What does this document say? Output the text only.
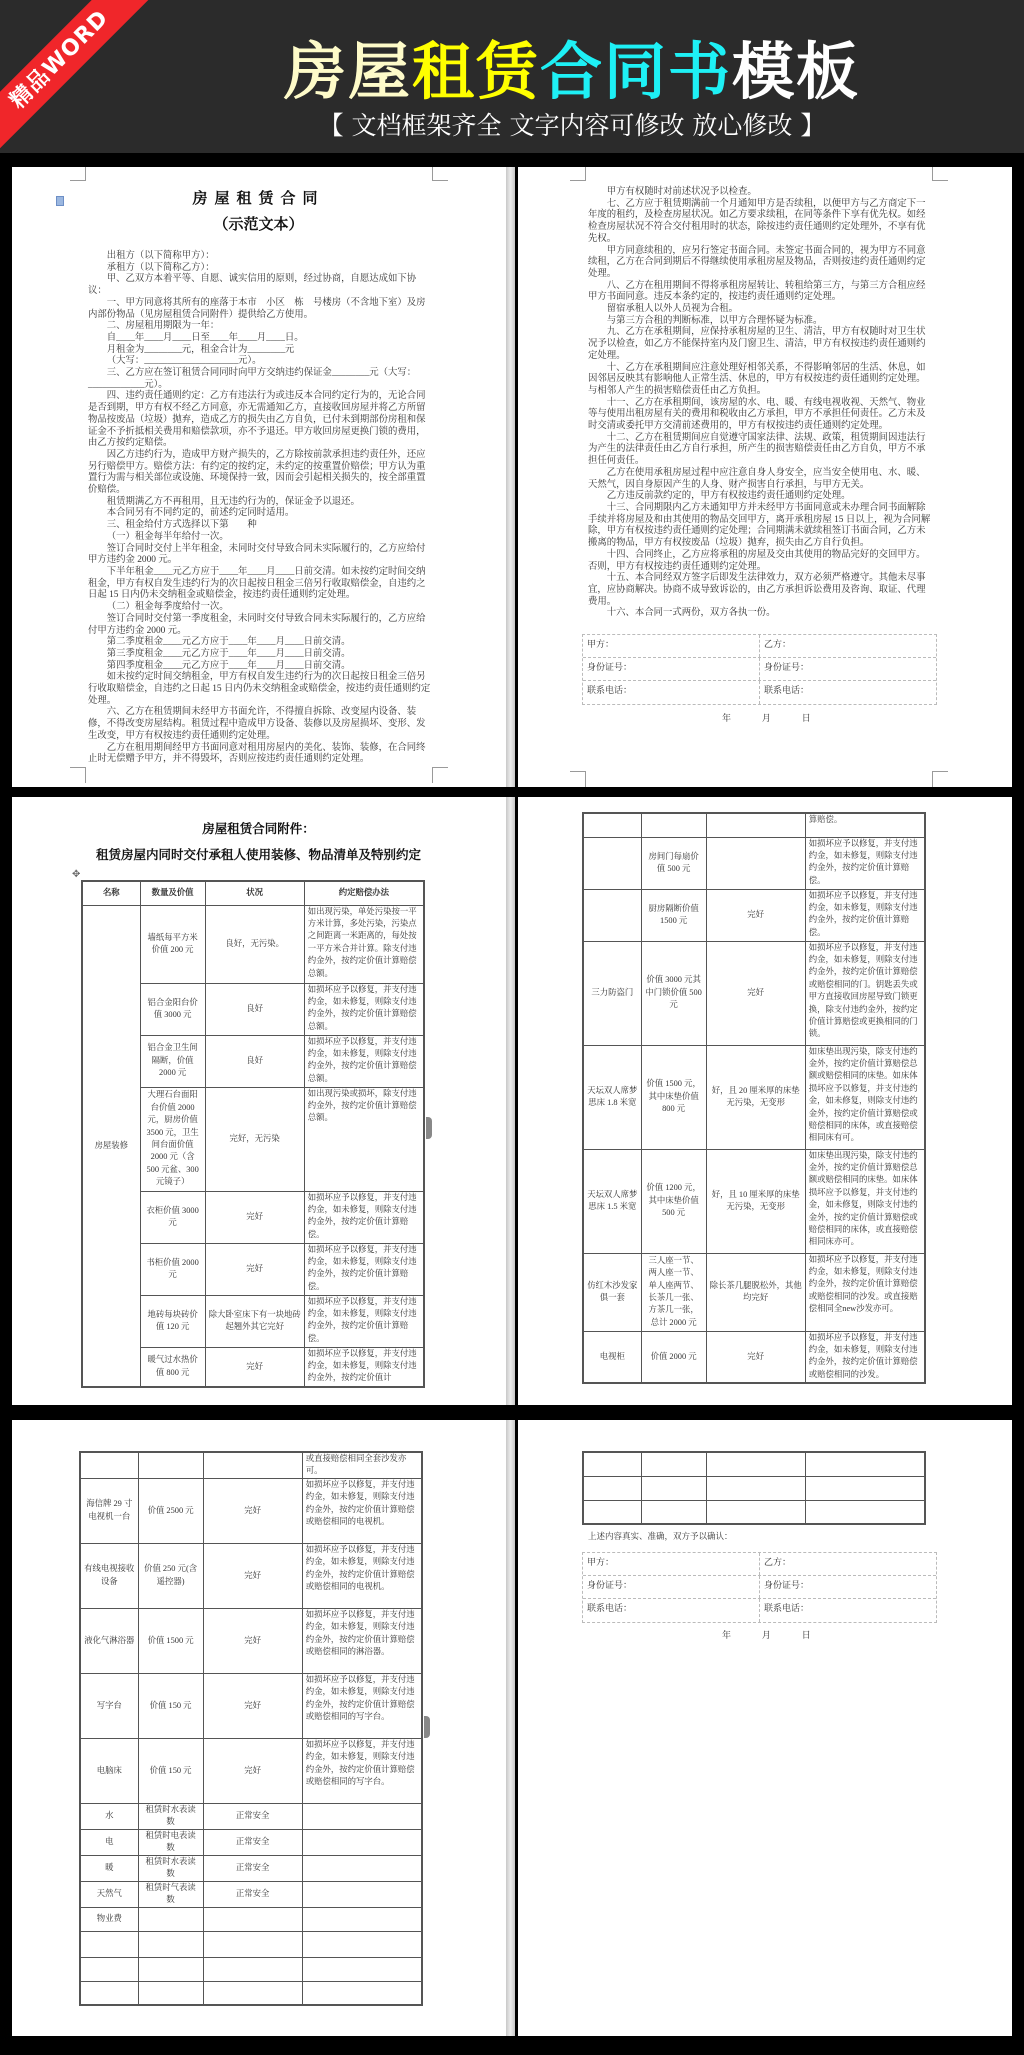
精品WORD	房屋租赁合同书模板
【 文档框架齐全 文字内容可修改 放心修改 】
房屋租赁合同
（示范文本）

出租方（以下简称甲方）：

承租方（以下简称乙方）：

甲、乙双方本着平等、自愿、诚实信用的原则，经过协商，自愿达成如下协议：

一、甲方同意将其所有的座落于本市　小区　栋　号楼房（不含地下室）及房内部份物品（见房屋租赁合同附件）提供给乙方使用。

二、房屋租用期限为一年：

自____年____月____日至____年____月____日。

月租金为________元，租金合计为________元

（大写：____________________元）。

三、乙方应在签订租赁合同同时向甲方交纳违约保证金________元（大写：____________元）。

四、违约责任通则约定：乙方有违法行为或违反本合同约定行为的，无论合同是否到期，甲方有权不经乙方同意，亦无需通知乙方，直接收回房屋并将乙方所留物品按废品（垃圾）抛弃，造成乙方的损失由乙方自负，已付未到期部份房租和保证金不予折抵相关费用和赔偿款项，亦不予退还。甲方收回房屋更换门锁的费用，由乙方按约定赔偿。

因乙方违约行为，造成甲方财产损失的，乙方除按前款承担违约责任外，还应另行赔偿甲方。赔偿方法：有约定的按约定，未约定的按重置价赔偿；甲方认为重置行为需与相关部位或设施、环境保持一致，因而会引起相关损失的，按全部重置价赔偿。

租赁期满乙方不再租用，且无违约行为的，保证金予以退还。

本合同另有不同约定的，前述约定同时适用。

三、租金给付方式选择以下第　　种

（一）租金每半年给付一次。

签订合同时交付上半年租金，未同时交付导致合同未实际履行的，乙方应给付甲方违约金 2000 元。

下半年租金____元乙方应于____年____月____日前交清。如未按约定时间交纳租金，甲方有权自发生违约行为的次日起按日租金三倍另行收取赔偿金，自违约之日起 15 日内仍未交纳租金或赔偿金，按违约责任通则约定处理。

（二）租金每季度给付一次。

签订合同时交付第一季度租金，未同时交付导致合同未实际履行的，乙方应给付甲方违约金 2000 元。

第二季度租金____元乙方应于____年____月____日前交清。

第三季度租金____元乙方应于____年____月____日前交清。

第四季度租金____元乙方应于____年____月____日前交清。

如未按约定时间交纳租金，甲方有权自发生违约行为的次日起按日租金三倍另行收取赔偿金，自违约之日起 15 日内仍未交纳租金或赔偿金，按违约责任通则约定处理。

六、乙方在租赁期间未经甲方书面允许，不得擅自拆除、改变屋内设备、装修，不得改变房屋结构。租赁过程中造成甲方设备、装修以及房屋损坏、变形、发生改变，甲方有权按违约责任通则约定处理。

乙方在租用期间经甲方书面同意对租用房屋内的美化、装饰、装修，在合同终止时无偿赠予甲方，并不得毁坏，否则应按违约责任通则约定处理。

甲方有权随时对前述状况予以检查。

七、乙方应于租赁期满前一个月通知甲方是否续租，以便甲方与乙方商定下一年度的租约，及检查房屋状况。如乙方要求续租，在同等条件下享有优先权。如经检查房屋状况不符合交付租用时的状态，除按违约责任通则约定处理外，不享有优先权。

甲方同意续租的，应另行签定书面合同。未签定书面合同的，视为甲方不同意续租，乙方在合同到期后不得继续使用承租房屋及物品，否则按违约责任通则约定处理。

八、乙方在租用期间不得将承租房屋转让、转租给第三方，与第三方合租应经甲方书面同意。违反本条约定的，按违约责任通则约定处理。

留宿承租人以外人员视为合租。

与第三方合租的判断标准，以甲方合理怀疑为标准。

九、乙方在承租期间，应保持承租房屋的卫生、清洁，甲方有权随时对卫生状况予以检查，如乙方不能保持室内及门窗卫生、清洁，甲方有权按违约责任通则约定处理。

十、乙方在承租期间应注意处理好相邻关系，不得影响邻居的生活、休息，如因邻居反映其有影响他人正常生活、休息的，甲方有权按违约责任通则约定处理。与相邻人产生的损害赔偿责任由乙方负担。

十一、乙方在承租期间，该房屋的水、电、暖、有线电视收视、天然气、物业等与使用出租房屋有关的费用和税收由乙方承担，甲方不承担任何责任。乙方未及时交清或委托甲方交清前述费用的，甲方有权按违约责任通则约定处理。

十二、乙方在租赁期间应自觉遵守国家法律、法规、政策，租赁期间因违法行为产生的法律责任由乙方自行承担，所产生的损害赔偿责任由乙方自负，甲方不承担任何责任。

乙方在使用承租房屋过程中应注意自身人身安全，应当安全使用电、水、暖、天然气，因自身原因产生的人身、财产损害自行承担，与甲方无关。

乙方违反前款约定的，甲方有权按违约责任通则约定处理。

十三、合同期限内乙方未通知甲方并未经甲方书面同意或未办理合同书面解除手续并将房屋及和由其使用的物品交回甲方，离开承租房屋 15 日以上，视为合同解除，甲方有权按违约责任通则约定处理；合同期满未就续租签订书面合同，乙方未搬离的物品，甲方有权按废品（垃圾）抛弃，损失由乙方自行负担。

十四、合同终止，乙方应将承租的房屋及交由其使用的物品完好的交回甲方。否则，甲方有权按违约责任通则约定处理。

十五、本合同经双方签字后即发生法律效力，双方必须严格遵守。其他未尽事宜，应协商解决。协商不成导致诉讼的，由乙方承担诉讼费用及咨询、取证、代理费用。

十六、本合同一式两份，双方各执一份。

甲方：	乙方：
身份证号：	身份证号：
联系电话：	联系电话：
年 月 日
房屋租赁合同附件：
租赁房屋内同时交付承租人使用装修、物品清单及特别约定
✥
名称	数量及价值	状况	约定赔偿办法
房屋装修	墙纸每平方米价值 200 元	良好，无污染。	如出现污染，单处污染按一平方米计算，多处污染，污染点之间距离一米距离的，每处按一平方米合并计算。除支付违约金外，按约定价值计算赔偿总额。
	铝合金阳台价值 3000 元	良好	如损坏应予以修复，并支付违约金，如未修复，则除支付违约金外，按约定价值计算赔偿总额。
	铝合金卫生间隔断，价值 2000 元	良好	如损坏应予以修复，并支付违约金，如未修复，则除支付违约金外，按约定价值计算赔偿总额。
	大理石台面阳台价值 2000 元，厨房价值 3500 元，卫生间台面价值 2000 元（含 500 元盆、300 元镜子）	完好，无污染	如出现污染或损坏，除支付违约金外，按约定价值计算赔偿总额。
	衣柜价值 3000 元	完好	如损坏应予以修复，并支付违约金，如未修复，则除支付违约金外，按约定价值计算赔偿。
	书柜价值 2000 元	完好	如损坏应予以修复，并支付违约金，如未修复，则除支付违约金外，按约定价值计算赔偿。
	地砖每块砖价值 120 元	除大卧室床下有一块地砖起翘外其它完好	如损坏应予以修复，并支付违约金，如未修复，则除支付违约金外，按约定价值计算赔偿。
	暖气过水热价值 800 元	完好	如损坏应予以修复，并支付违约金，如未修复，则除支付违约金外，按约定价值计
			算赔偿。
	房间门每扇价值 500 元		如损坏应予以修复，并支付违约金，如未修复，则除支付违约金外，按约定价值计算赔偿。
	厨房隔断价值 1500 元	完好	如损坏应予以修复，并支付违约金，如未修复，则除支付违约金外，按约定价值计算赔偿。
三力防盗门	价值 3000 元其中门锁价值 500 元	完好	如损坏应予以修复，并支付违约金，如未修复，则除支付违约金外，按约定价值计算赔偿或赔偿相同的门。钥匙丢失或甲方直接收回房屋导致门锁更换，除支付违约金外，按约定价值计算赔偿或更换相同的门锁。
天坛双人席梦思床 1.8 米宽	价值 1500 元，其中床垫价值 800 元	好，且 20 厘米厚的床垫无污染，无变形	如床垫出现污染，除支付违约金外，按约定价值计算赔偿总额或赔偿相同的床垫。如床体损坏应予以修复，并支付违约金，如未修复，则除支付违约金外，按约定价值计算赔偿或赔偿相同的床体，或直接赔偿相同床有可。
天坛双人席梦思床 1.5 米宽	价值 1200 元，其中床垫价值 500 元	好，且 10 厘米厚的床垫无污染，无变形	如床垫出现污染，除支付违约金外，按约定价值计算赔偿总额或赔偿相同的床垫。如床体损坏应予以修复，并支付违约金，如未修复，则除支付违约金外，按约定价值计算赔偿或赔偿相同的床体，或直接赔偿相同床亦可。
仿红木沙发家俱一套	三人座一节、两人座一节、单人座两节、长茶几一张、方茶几一张，总计 2000 元	除长茶几腿脱松外，其他均完好	如损坏应予以修复，并支付违约金，如未修复，则除支付违约金外，按约定价值计算赔偿或赔偿相同的沙发。或直接赔偿相同全new沙发亦可。
电视柜	价值 2000 元	完好	如损坏应予以修复，并支付违约金，如未修复，则除支付违约金外，按约定价值计算赔偿或赔偿相同的沙发。
			或直接赔偿相同全套沙发亦可。
海信牌 29 寸电视机一台	价值 2500 元	完好	如损坏应予以修复，并支付违约金，如未修复，则除支付违约金外，按约定价值计算赔偿或赔偿相同的电视机。
有线电视接收设备	价值 250 元(含遥控器)	完好	如损坏应予以修复，并支付违约金，如未修复，则除支付违约金外，按约定价值计算赔偿或赔偿相同的电视机。
液化气淋浴器	价值 1500 元	完好	如损坏应予以修复，并支付违约金，如未修复，则除支付违约金外，按约定价值计算赔偿或赔偿相同的淋浴器。
写字台	价值 150 元	完好	如损坏应予以修复，并支付违约金，如未修复，则除支付违约金外，按约定价值计算赔偿或赔偿相同的写字台。
电脑床	价值 150 元	完好	如损坏应予以修复，并支付违约金，如未修复，则除支付违约金外，按约定价值计算赔偿或赔偿相同的写字台。
水	租赁时水表读数	正常安全	
电	租赁时电表读数	正常安全	
暖	租赁时水表读数	正常安全	
天然气	租赁时气表读数	正常安全	
物业费			

上述内容真实、准确，双方予以确认：
甲方：	乙方：
身份证号：	身份证号：
联系电话：	联系电话：
年 月 日
